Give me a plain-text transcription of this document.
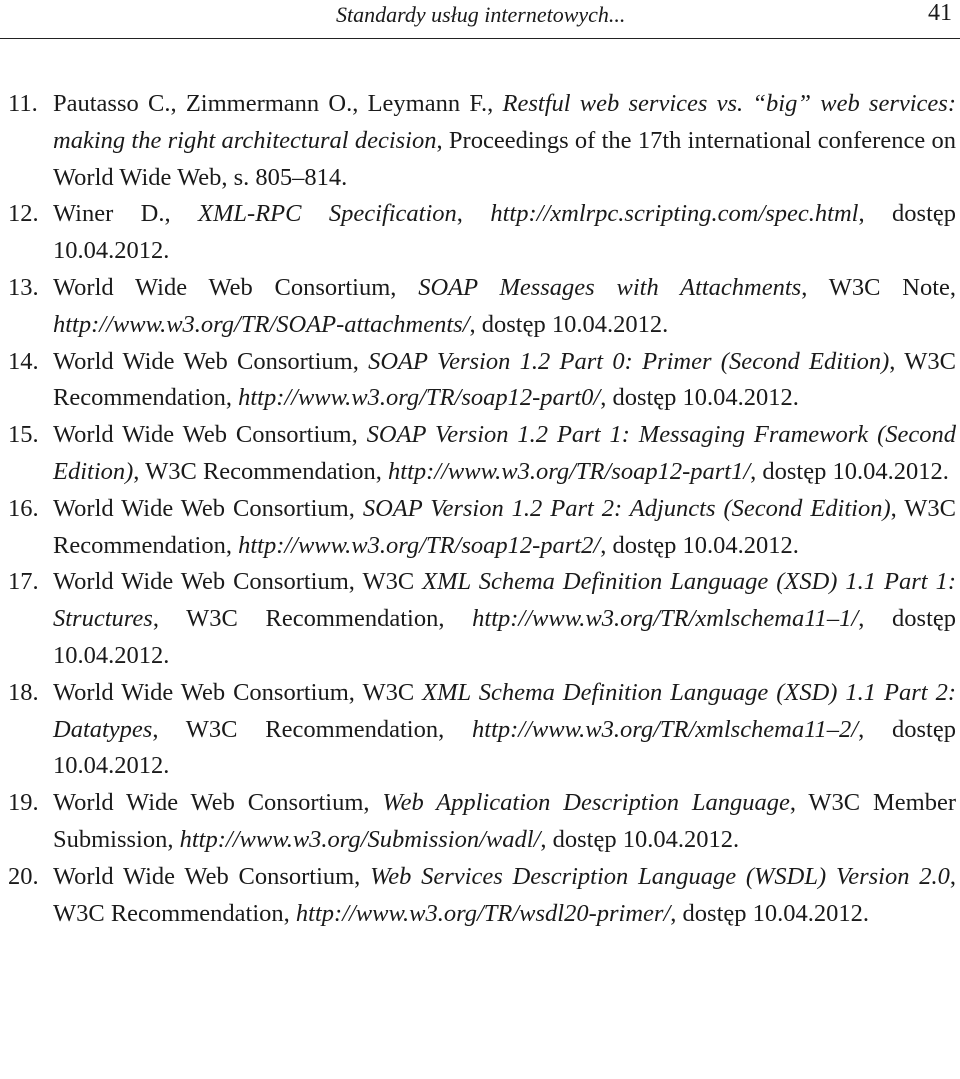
Standardy usług internetowych...	41

11. Pautasso C., Zimmermann O., Leymann F., Restful web services vs. “big” web services: making the right architectural decision, Proceedings of the 17th international conference on World Wide Web, s. 805–814.

12. Winer D., XML-RPC Specification, http://xmlrpc.scripting.com/spec.html, dostęp 10.04.2012.

13. World Wide Web Consortium, SOAP Messages with Attachments, W3C Note, http://www.w3.org/TR/SOAP-attachments/, dostęp 10.04.2012.

14. World Wide Web Consortium, SOAP Version 1.2 Part 0: Primer (Second Edition), W3C Recommendation, http://www.w3.org/TR/soap12-part0/, dostęp 10.04.2012.

15. World Wide Web Consortium, SOAP Version 1.2 Part 1: Messaging Framework (Second Edition), W3C Recommendation, http://www.w3.org/TR/soap12-part1/, dostęp 10.04.2012.

16. World Wide Web Consortium, SOAP Version 1.2 Part 2: Adjuncts (Second Edition), W3C Recommendation, http://www.w3.org/TR/soap12-part2/, dostęp 10.04.2012.

17. World Wide Web Consortium, W3C XML Schema Definition Language (XSD) 1.1 Part 1: Structures, W3C Recommendation, http://www.w3.org/TR/xmlschema11–1/, dostęp 10.04.2012.

18. World Wide Web Consortium, W3C XML Schema Definition Language (XSD) 1.1 Part 2: Datatypes, W3C Recommendation, http://www.w3.org/TR/xmlschema11–2/, dostęp 10.04.2012.

19. World Wide Web Consortium, Web Application Description Language, W3C Member Submission, http://www.w3.org/Submission/wadl/, dostęp 10.04.2012.

20. World Wide Web Consortium, Web Services Description Language (WSDL) Version 2.0, W3C Recommendation, http://www.w3.org/TR/wsdl20-primer/, dostęp 10.04.2012.
